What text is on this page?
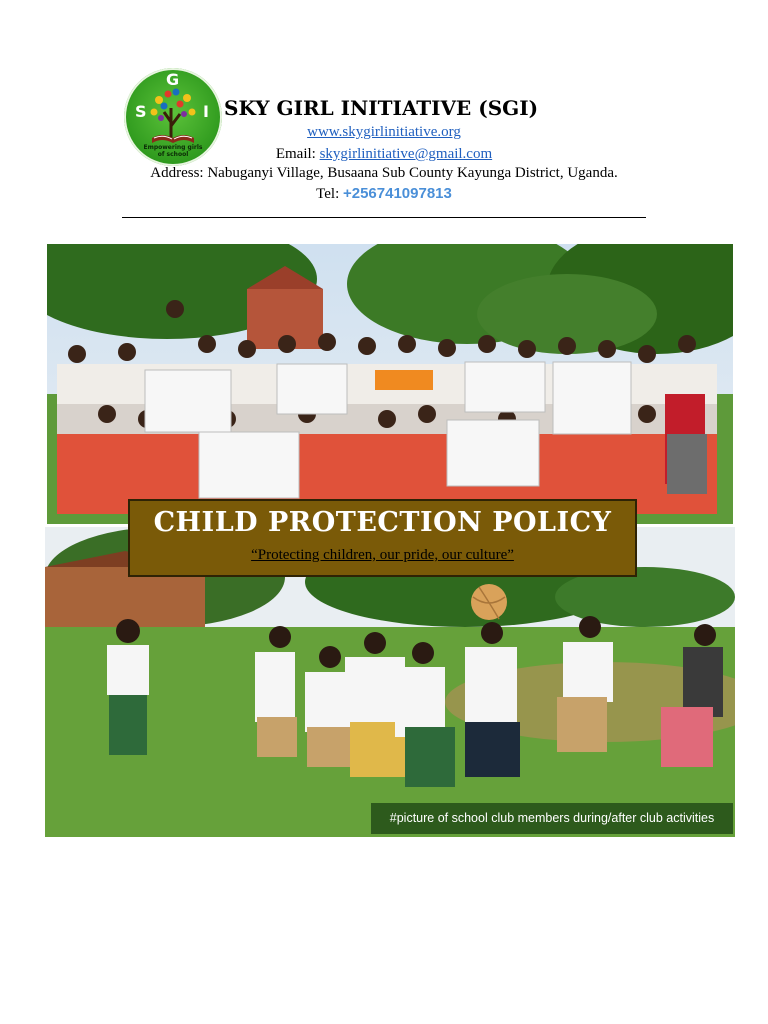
S
G
I
Empowering girls of school
SKY GIRL INITIATIVE (SGI)
www.skygirlinitiative.org
Email: skygirlinitiative@gmail.com
Address: Nabuganyi Village, Busaana Sub County Kayunga District, Uganda.
Tel: +256741097813
CHILD PROTECTION POLICY
“Protecting children, our pride, our culture”
#picture of school club members during/after club activities
